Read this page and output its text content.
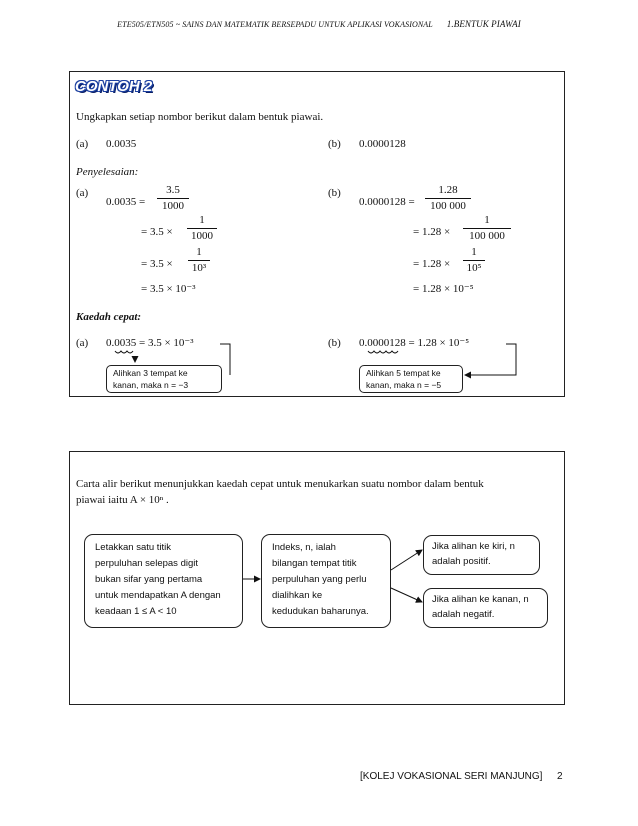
ETE505/ETN505 ~ SAINS DAN MATEMATIK BERSEPADU UNTUK APLIKASI VOKASIONAL 1.BENTUK PIAWAI
CONTOH 2
Ungkapkan setiap nombor berikut dalam bentuk piawai.
(a) 0.0035	(b) 0.0000128
Penyelesaian:
(a)
$0.0035 = \frac{3.5}{1000}$
= $3.5 \times \frac{1}{1000}$
= $3.5 \times \frac{1}{\text{10³}}$
= 3.5 × 10⁻³
(b)
$0.0000128 = \frac{1.28}{100 000}$
= $1.28 \times \frac{1}{100 000}$
= $1.28 \times \frac{1}{\text{10⁵}}$
= 1.28 × 10⁻⁵
Kaedah cepat:
(a) 0.0035 = 3.5 × 10⁻³	(b) 0.0000128 = 1.28 × 10⁻⁵
Alihkan 3 tempat ke
kanan, maka n = −3
Alihkan 5 tempat ke
kanan, maka n = −5
Carta alir berikut menunjukkan kaedah cepat untuk menukarkan suatu nombor dalam bentuk
piawai iaitu A × 10ⁿ .
Letakkan satu titik
perpuluhan selepas digit
bukan sifar yang pertama
untuk mendapatkan A dengan
keadaan 1 ≤ A < 10
Indeks, n, ialah
bilangan tempat titik
perpuluhan yang perlu
dialihkan ke
kedudukan baharunya.
Jika alihan ke kiri, n
adalah positif.
Jika alihan ke kanan, n
adalah negatif.
[KOLEJ VOKASIONAL SERI MANJUNG] 2
